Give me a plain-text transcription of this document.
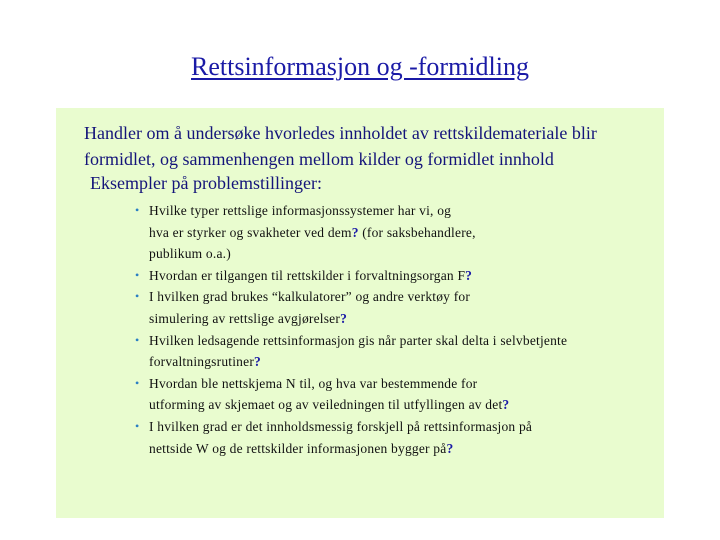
Rettsinformasjon og -formidling
Handler om å undersøke hvorledes innholdet av rettskildemateriale blir
formidlet, og sammenhengen mellom kilder og formidlet innhold
Eksempler på problemstillinger:
• Hvilke typer rettslige informasjonssystemer har vi, og
hva er styrker og svakheter ved dem? (for saksbehandlere,
publikum o.a.)
• Hvordan er tilgangen til rettskilder i forvaltningsorgan F?
• I hvilken grad brukes “kalkulatorer” og andre verktøy for
simulering av rettslige avgjørelser?
• Hvilken ledsagende rettsinformasjon gis når parter skal delta i selvbetjente
forvaltningsrutiner?
• Hvordan ble nettskjema N til, og hva var bestemmende for
utforming av skjemaet og av veiledningen til utfyllingen av det?
• I hvilken grad er det innholdsmessig forskjell på rettsinformasjon på
nettside W og de rettskilder informasjonen bygger på?
